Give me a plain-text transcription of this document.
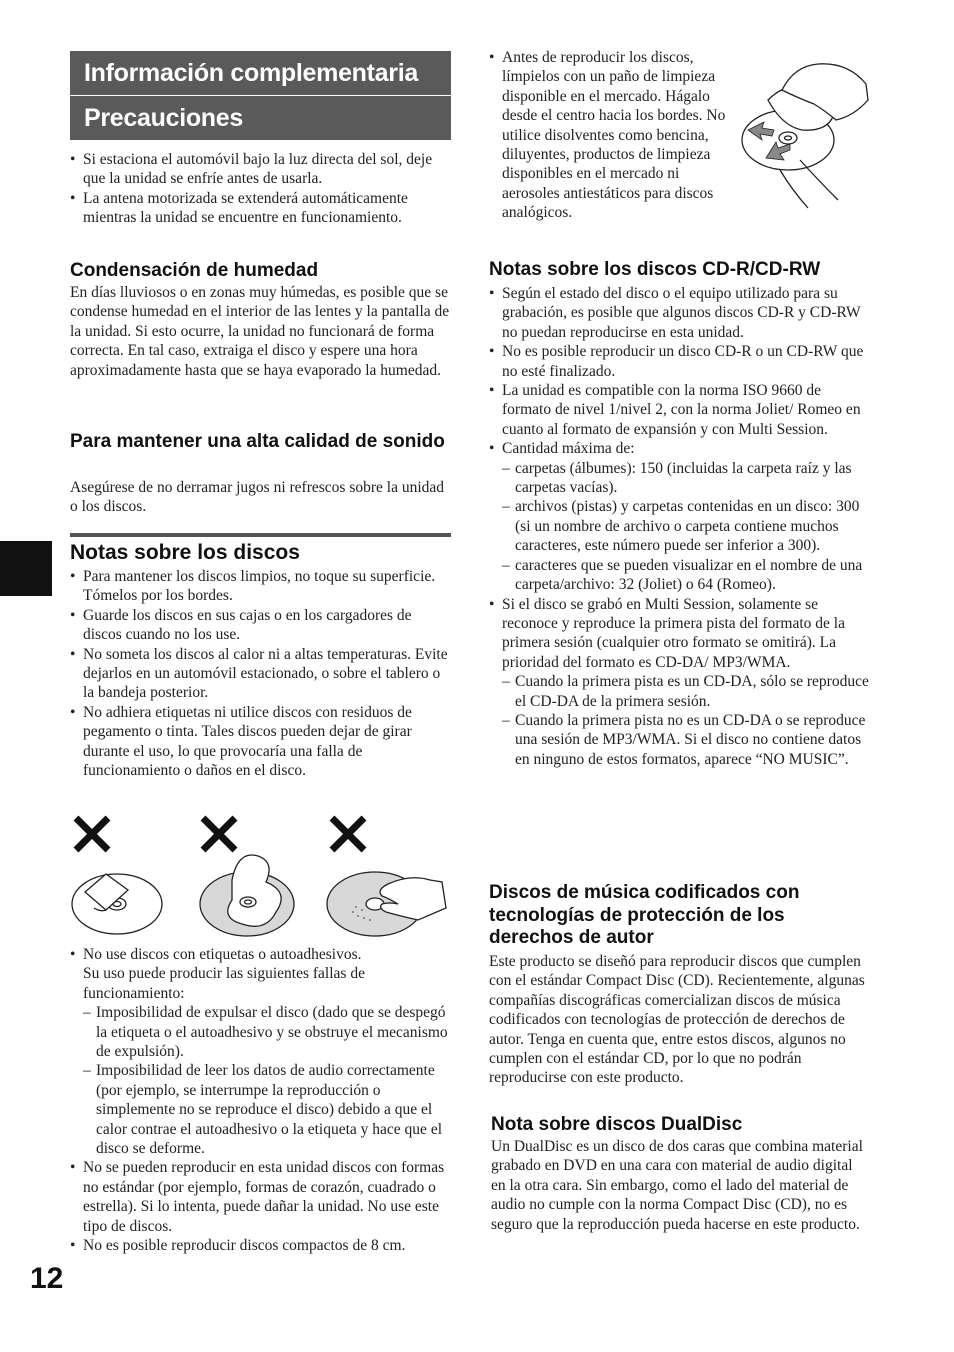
Información complementaria
Precauciones
• Si estaciona el automóvil bajo la luz directa del sol, deje que la unidad se enfríe antes de usarla.
• La antena motorizada se extenderá automáticamente mientras la unidad se encuentre en funcionamiento.
Condensación de humedad

En días lluviosos o en zonas muy húmedas, es posible que se condense humedad en el interior de las lentes y la pantalla de la unidad. Si esto ocurre, la unidad no funcionará de forma correcta. En tal caso, extraiga el disco y espere una hora aproximadamente hasta que se haya evaporado la humedad.

Para mantener una alta calidad de sonido

Asegúrese de no derramar jugos ni refrescos sobre la unidad o los discos.

Notas sobre los discos
• Para mantener los discos limpios, no toque su superficie. Tómelos por los bordes.
• Guarde los discos en sus cajas o en los cargadores de discos cuando no los use.
• No someta los discos al calor ni a altas temperaturas. Evite dejarlos en un automóvil estacionado, o sobre el tablero o la bandeja posterior.
• No adhiera etiquetas ni utilice discos con residuos de pegamento o tinta. Tales discos pueden dejar de girar durante el uso, lo que provocaría una falla de funcionamiento o daños en el disco.

• No use discos con etiquetas o autoadhesivos.

Su uso puede producir las siguientes fallas de funcionamiento:

– Imposibilidad de expulsar el disco (dado que se despegó la etiqueta o el autoadhesivo y se obstruye el mecanismo de expulsión).
– Imposibilidad de leer los datos de audio correctamente (por ejemplo, se interrumpe la reproducción o simplemente no se reproduce el disco) debido a que el calor contrae el autoadhesivo o la etiqueta y hace que el disco se deforme.
• No se pueden reproducir en esta unidad discos con formas no estándar (por ejemplo, formas de corazón, cuadrado o estrella). Si lo intenta, puede dañar la unidad. No use este tipo de discos.
• No es posible reproducir discos compactos de 8 cm.
12
• Antes de reproducir los discos, límpielos con un paño de limpieza disponible en el mercado. Hágalo desde el centro hacia los bordes. No utilice disolventes como bencina, diluyentes, productos de limpieza disponibles en el mercado ni aerosoles antiestáticos para discos analógicos.
Notas sobre los discos CD-R/CD-RW
• Según el estado del disco o el equipo utilizado para su grabación, es posible que algunos discos CD-R y CD-RW no puedan reproducirse en esta unidad.
• No es posible reproducir un disco CD-R o un CD-RW que no esté finalizado.
• La unidad es compatible con la norma ISO 9660 de formato de nivel 1/nivel 2, con la norma Joliet/ Romeo en cuanto al formato de expansión y con Multi Session.

• Cantidad máxima de:

– carpetas (álbumes): 150 (incluidas la carpeta raíz y las carpetas vacías).
– archivos (pistas) y carpetas contenidas en un disco: 300 (si un nombre de archivo o carpeta contiene muchos caracteres, este número puede ser inferior a 300).
– caracteres que se pueden visualizar en el nombre de una carpeta/archivo: 32 (Joliet) o 64 (Romeo).

• Si el disco se grabó en Multi Session, solamente se reconoce y reproduce la primera pista del formato de la primera sesión (cualquier otro formato se omitirá). La prioridad del formato es CD-DA/ MP3/WMA.

– Cuando la primera pista es un CD-DA, sólo se reproduce el CD-DA de la primera sesión.
– Cuando la primera pista no es un CD-DA o se reproduce una sesión de MP3/WMA. Si el disco no contiene datos en ninguno de estos formatos, aparece “NO MUSIC”.
Discos de música codificados con tecnologías de protección de los derechos de autor

Este producto se diseñó para reproducir discos que cumplen con el estándar Compact Disc (CD). Recientemente, algunas compañías discográficas comercializan discos de música codificados con tecnologías de protección de derechos de autor. Tenga en cuenta que, entre estos discos, algunos no cumplen con el estándar CD, por lo que no podrán reproducirse con este producto.

Nota sobre discos DualDisc

Un DualDisc es un disco de dos caras que combina material grabado en DVD en una cara con material de audio digital en la otra cara. Sin embargo, como el lado del material de audio no cumple con la norma Compact Disc (CD), no es seguro que la reproducción pueda hacerse en este producto.
